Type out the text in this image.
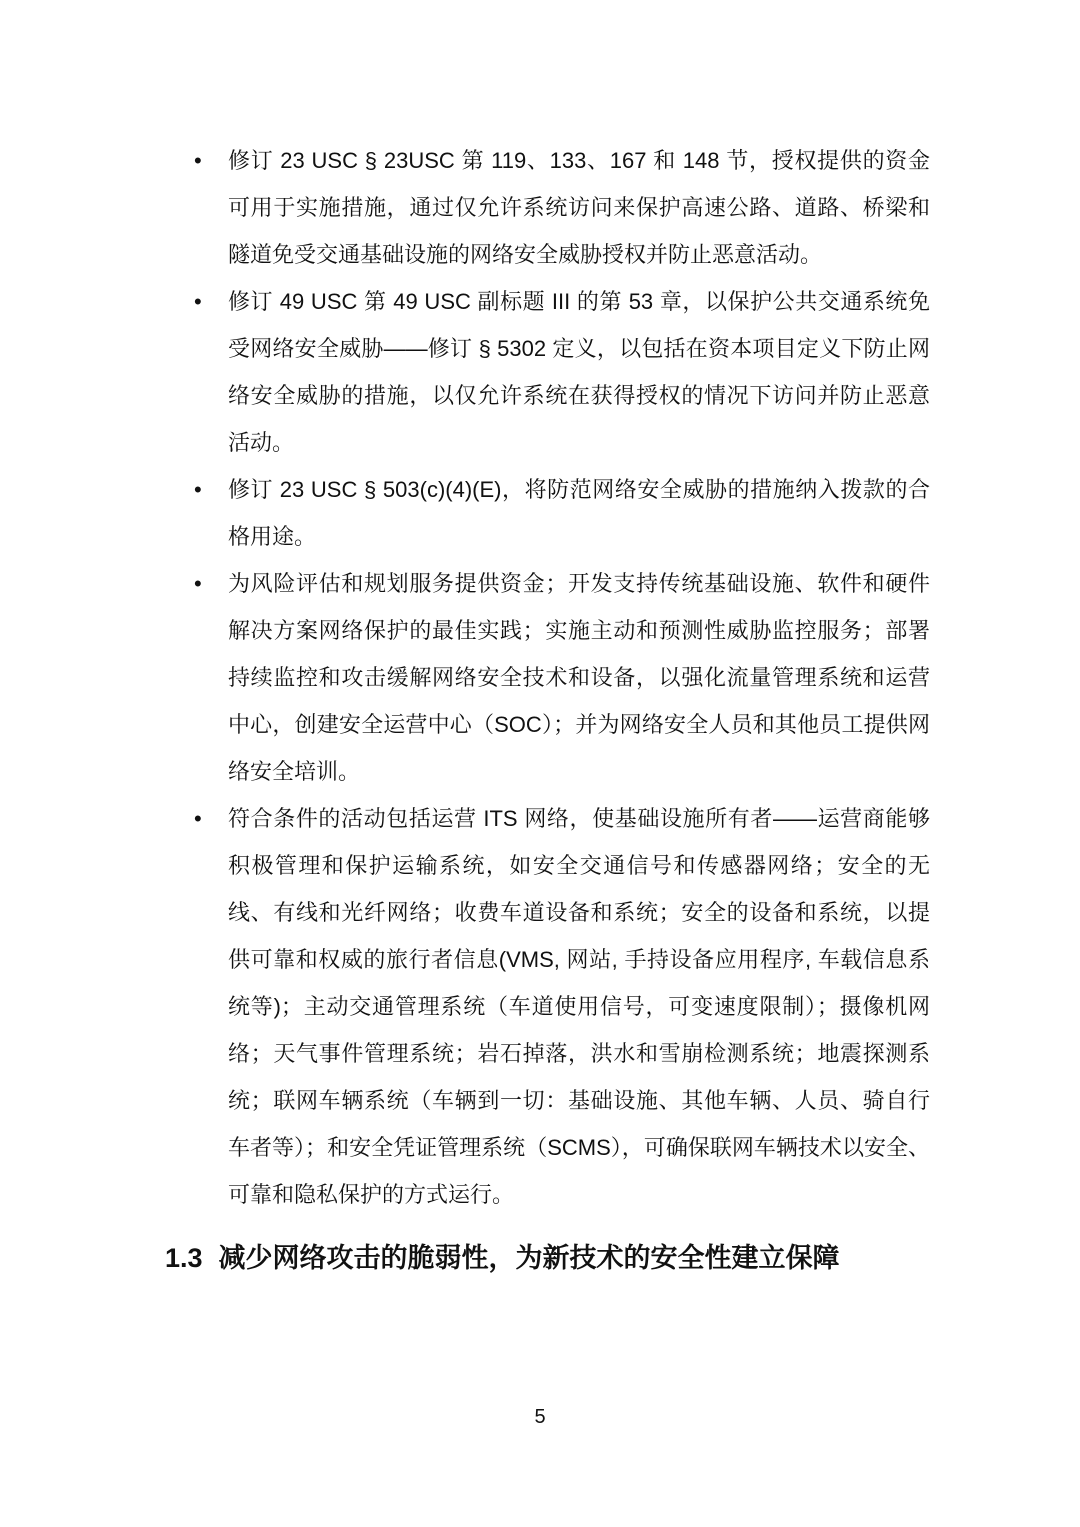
• 修订 23 USC § 23USC 第 119、133、167 和 148 节，授权提供的资金可用于实施措施，通过仅允许系统访问来保护高速公路、道路、桥梁和隧道免受交通基础设施的网络安全威胁授权并防止恶意活动。
• 修订 49 USC 第 49 USC 副标题 III 的第 53 章，以保护公共交通系统免受网络安全威胁——修订 § 5302 定义，以包括在资本项目定义下防止网络安全威胁的措施，以仅允许系统在获得授权的情况下访问并防止恶意活动。
• 修订 23 USC § 503(c)(4)(E)，将防范网络安全威胁的措施纳入拨款的合格用途。
• 为风险评估和规划服务提供资金；开发支持传统基础设施、软件和硬件解决方案网络保护的最佳实践；实施主动和预测性威胁监控服务；部署持续监控和攻击缓解网络安全技术和设备，以强化流量管理系统和运营中心，创建安全运营中心（SOC）；并为网络安全人员和其他员工提供网络安全培训。
• 符合条件的活动包括运营 ITS 网络，使基础设施所有者——运营商能够积极管理和保护运输系统，如安全交通信号和传感器网络；安全的无线、有线和光纤网络；收费车道设备和系统；安全的设备和系统，以提供可靠和权威的旅行者信息(VMS, 网站, 手持设备应用程序, 车载信息系统等)；主动交通管理系统（车道使用信号，可变速度限制）；摄像机网络；天气事件管理系统；岩石掉落，洪水和雪崩检测系统；地震探测系统；联网车辆系统（车辆到一切：基础设施、其他车辆、人员、骑自行车者等）；和安全凭证管理系统（SCMS），可确保联网车辆技术以安全、可靠和隐私保护的方式运行。
1.3 减少网络攻击的脆弱性，为新技术的安全性建立保障
5
